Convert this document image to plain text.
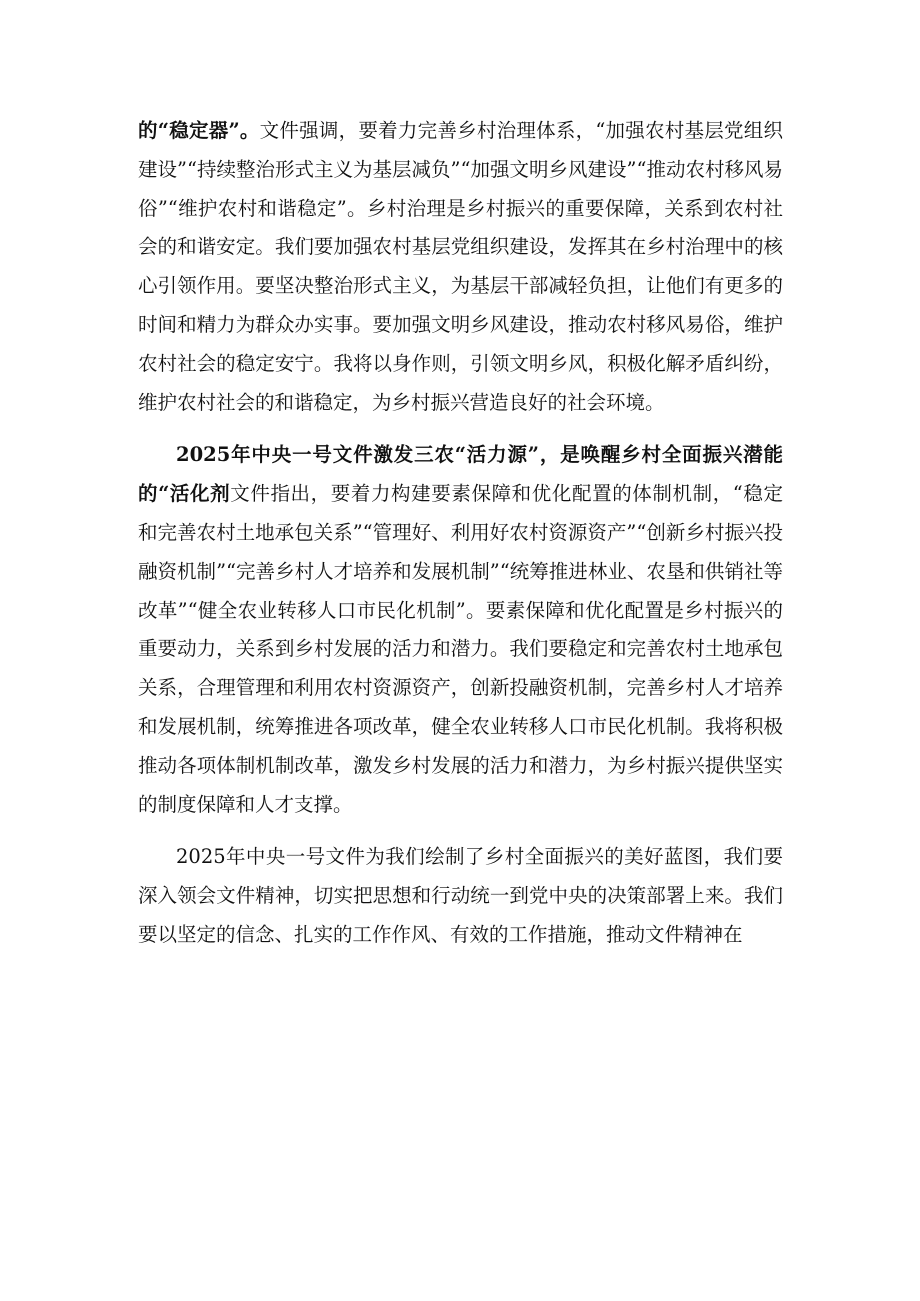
的“稳定器”。文件强调，要着力完善乡村治理体系，“加强农村基层党组织建设”“持续整治形式主义为基层减负”“加强文明乡风建设”“推动农村移风易俗”“维护农村和谐稳定”。乡村治理是乡村振兴的重要保障，关系到农村社会的和谐安定。我们要加强农村基层党组织建设，发挥其在乡村治理中的核心引领作用。要坚决整治形式主义，为基层干部减轻负担，让他们有更多的时间和精力为群众办实事。要加强文明乡风建设，推动农村移风易俗，维护农村社会的稳定安宁。我将以身作则，引领文明乡风，积极化解矛盾纠纷，维护农村社会的和谐稳定，为乡村振兴营造良好的社会环境。

2025年中央一号文件激发三农“活力源”，是唤醒乡村全面振兴潜能的“活化剂文件指出，要着力构建要素保障和优化配置的体制机制，“稳定和完善农村土地承包关系”“管理好、利用好农村资源资产”“创新乡村振兴投融资机制”“完善乡村人才培养和发展机制”“统筹推进林业、农垦和供销社等改革”“健全农业转移人口市民化机制”。要素保障和优化配置是乡村振兴的重要动力，关系到乡村发展的活力和潜力。我们要稳定和完善农村土地承包关系，合理管理和利用农村资源资产，创新投融资机制，完善乡村人才培养和发展机制，统筹推进各项改革，健全农业转移人口市民化机制。我将积极推动各项体制机制改革，激发乡村发展的活力和潜力，为乡村振兴提供坚实的制度保障和人才支撑。

2025年中央一号文件为我们绘制了乡村全面振兴的美好蓝图，我们要深入领会文件精神，切实把思想和行动统一到党中央的决策部署上来。我们要以坚定的信念、扎实的工作作风、有效的工作措施，推动文件精神在
